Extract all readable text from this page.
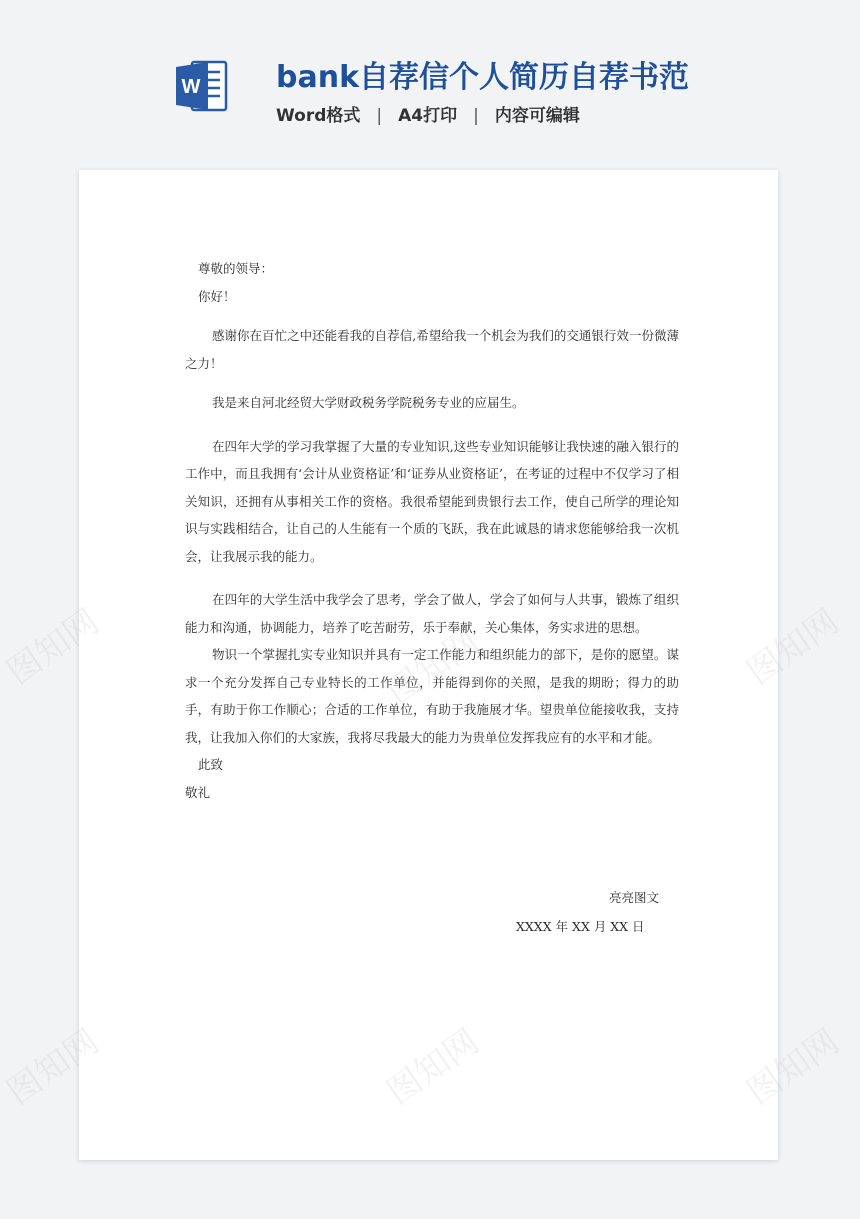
W	bank自荐信个人简历自荐书范
Word格式 | A4打印 | 内容可编辑

尊敬的领导：

你好！

感谢你在百忙之中还能看我的自荐信,希望给我一个机会为我们的交通银行效一份微薄之力！

我是来自河北经贸大学财政税务学院税务专业的应届生。

在四年大学的学习我掌握了大量的专业知识,这些专业知识能够让我快速的融入银行的工作中，而且我拥有‘会计从业资格证’和‘证券从业资格证’，在考证的过程中不仅学习了相关知识，还拥有从事相关工作的资格。我很希望能到贵银行去工作，使自己所学的理论知识与实践相结合，让自己的人生能有一个质的飞跃，我在此诚恳的请求您能够给我一次机会，让我展示我的能力。

在四年的大学生活中我学会了思考，学会了做人，学会了如何与人共事，锻炼了组织能力和沟通，协调能力，培养了吃苦耐劳，乐于奉献，关心集体，务实求进的思想。

物识一个掌握扎实专业知识并具有一定工作能力和组织能力的部下，是你的愿望。谋求一个充分发挥自己专业特长的工作单位，并能得到你的关照，是我的期盼；得力的助手，有助于你工作顺心；合适的工作单位，有助于我施展才华。望贵单位能接收我，支持我，让我加入你们的大家族，我将尽我最大的能力为贵单位发挥我应有的水平和才能。

此致

敬礼

亮亮图文
XXXX 年 XX 月 XX 日
图知网	图知网
图知网	图知网
